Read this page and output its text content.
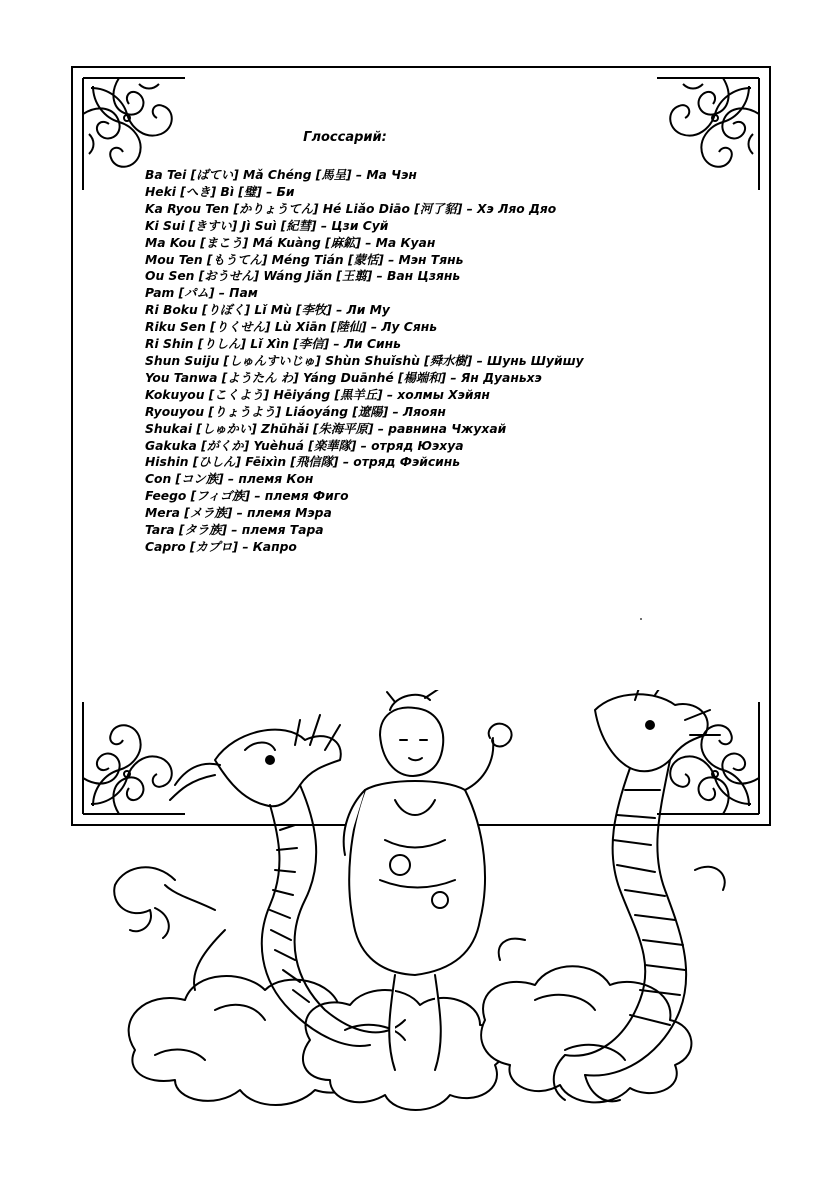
Глоссарий:
Ba Tei [ばてい] Mǎ Chéng [馬呈] – Ма Чэн
Heki [へき] Bì [璧] – Би
Ka Ryou Ten [かりょうてん] Hé Liǎo Diāo [河了貂] – Хэ Ляо Дяо
Ki Sui [きすい] Jì Suì [紀彗] – Цзи Суй
Ma Kou [まこう] Má Kuàng [麻鉱] – Ма Куан
Mou Ten [もうてん] Méng Tián [蒙恬] – Мэн Тянь
Ou Sen [おうせん] Wáng Jiǎn [王翦] – Ван Цзянь
Pam [パム] – Пам
Ri Boku [りぼく] Lǐ Mù [李牧] – Ли Му
Riku Sen [りくせん] Lù Xiān [陸仙] – Лу Сянь
Ri Shin [りしん] Lǐ Xìn [李信] – Ли Синь
Shun Suiju [しゅんすいじゅ] Shùn Shuǐshù [舜水樹] – Шунь Шуйшу
You Tanwa [ようたん わ] Yáng Duānhé [楊端和] – Ян Дуаньхэ
Kokuyou [こくよう] Hēiyáng [黒羊丘] – холмы Хэйян
Ryouyou [りょうよう] Liáoyáng [遼陽] – Ляоян
Shukai [しゅかい] Zhūhǎi [朱海平原] – равнина Чжухай
Gakuka [がくか] Yuèhuá [楽華隊] – отряд Юэхуа
Hishin [ひしん] Fēixìn [飛信隊] – отряд Фэйсинь
Con [コン族] – племя Кон
Feego [フィゴ族] – племя Фиго
Mera [メラ族] – племя Мэра
Tara [タラ族] – племя Тара
Capro [カプロ] – Капро
